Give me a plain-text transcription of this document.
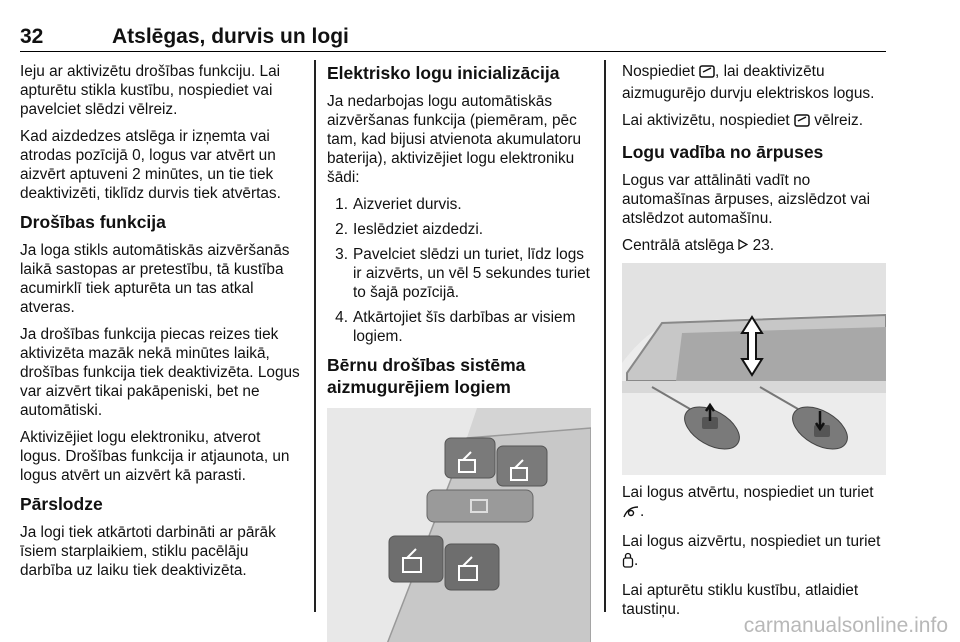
32	Atslēgas, durvis un logi

Ieju ar aktivizētu drošības funkciju. Lai apturētu stikla kustību, nospiediet vai pavelciet slēdzi vēlreiz.

Kad aizdedzes atslēga ir izņemta vai atrodas pozīcijā 0, logus var atvērt un aizvērt aptuveni 2 minūtes, un tie tiek deaktivizēti, tiklīdz durvis tiek atvērtas.

Drošības funkcija

Ja loga stikls automātiskās aizvēršanās laikā sastopas ar pretestību, tā kustība acumirklī tiek apturēta un tas atkal atveras.

Ja drošības funkcija piecas reizes tiek aktivizēta mazāk nekā minūtes laikā, drošības funkcija tiek deaktivizēta. Logus var aizvērt tikai pakāpeniski, bet ne automātiski.

Aktivizējiet logu elektroniku, atverot logus. Drošības funkcija ir atjaunota, un logus atvērt un aizvērt kā parasti.

Pārslodze

Ja logi tiek atkārtoti darbināti ar pārāk īsiem starplaikiem, stiklu pacēlāju darbība uz laiku tiek deaktivizēta.

Elektrisko logu inicializācija

Ja nedarbojas logu automātiskās aizvēršanas funkcija (piemēram, pēc tam, kad bijusi atvienota akumulatoru baterija), aktivizējiet logu elektroniku šādi:

1. Aizveriet durvis.
2. Ieslēdziet aizdedzi.
3. Pavelciet slēdzi un turiet, līdz logs ir aizvērts, un vēl 5 sekundes turiet to šajā pozīcijā.
4. Atkārtojiet šīs darbības ar visiem logiem.
Bērnu drošības sistēma aizmugurējiem logiem

Nospiediet , lai deaktivizētu aizmugurējo durvju elektriskos logus.

Lai aktivizētu, nospiediet  vēlreiz.

Logu vadība no ārpuses

Logus var attālināti vadīt no automašīnas ārpuses, aizslēdzot vai atslēdzot automašīnu.

Centrālā atslēga  23.

Lai logus atvērtu, nospiediet un turiet
.

Lai logus aizvērtu, nospiediet un turiet
.

Lai apturētu stiklu kustību, atlaidiet taustiņu.

carmanualsonline.info
